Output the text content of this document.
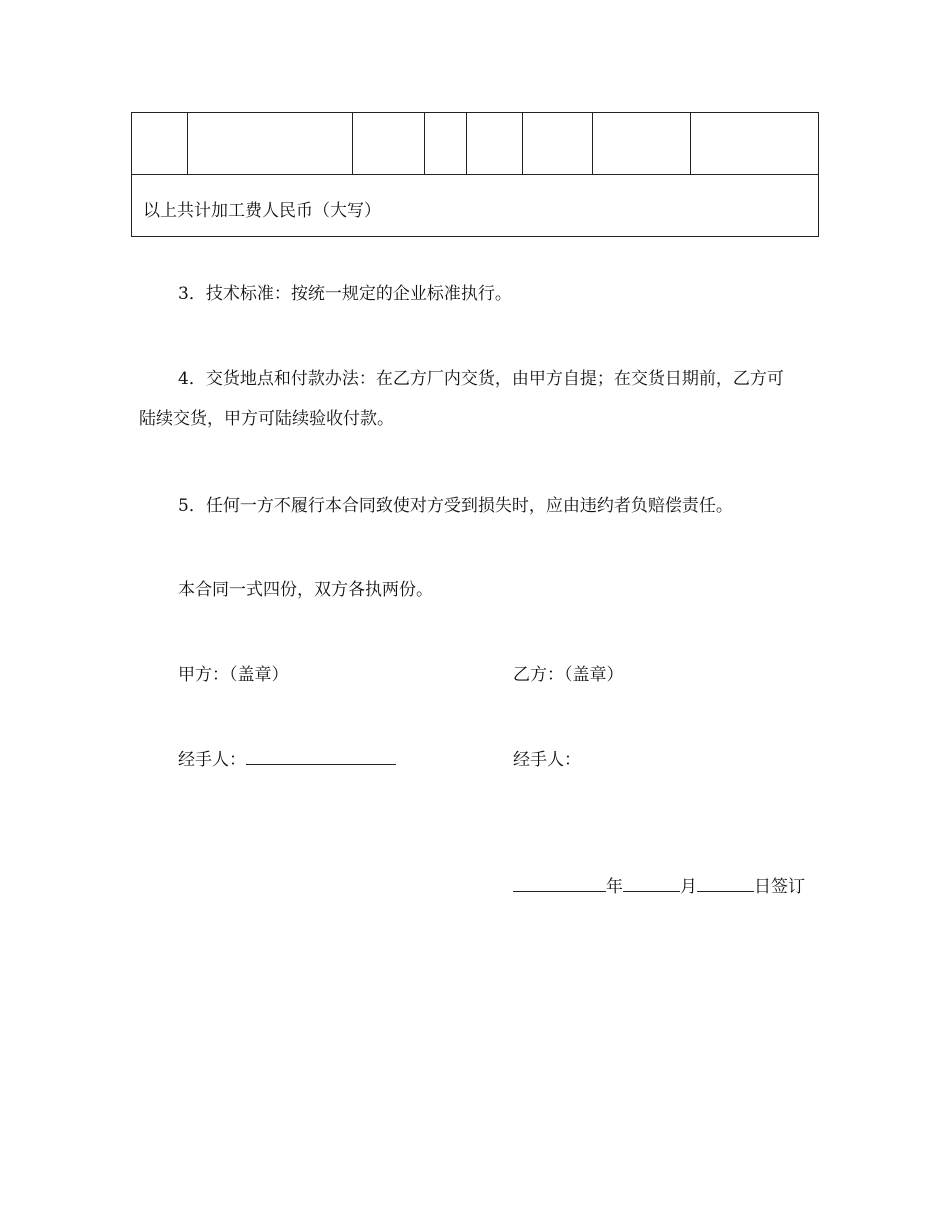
以上共计加工费人民币（大写）
3．技术标准：按统一规定的企业标准执行。
4．交货地点和付款办法：在乙方厂内交货，由甲方自提；在交货日期前，乙方可
陆续交货，甲方可陆续验收付款。
5．任何一方不履行本合同致使对方受到损失时，应由违约者负赔偿责任。
本合同一式四份，双方各执两份。
甲方：（盖章）	乙方：（盖章）
经手人：	经手人：
年	月	日签订
